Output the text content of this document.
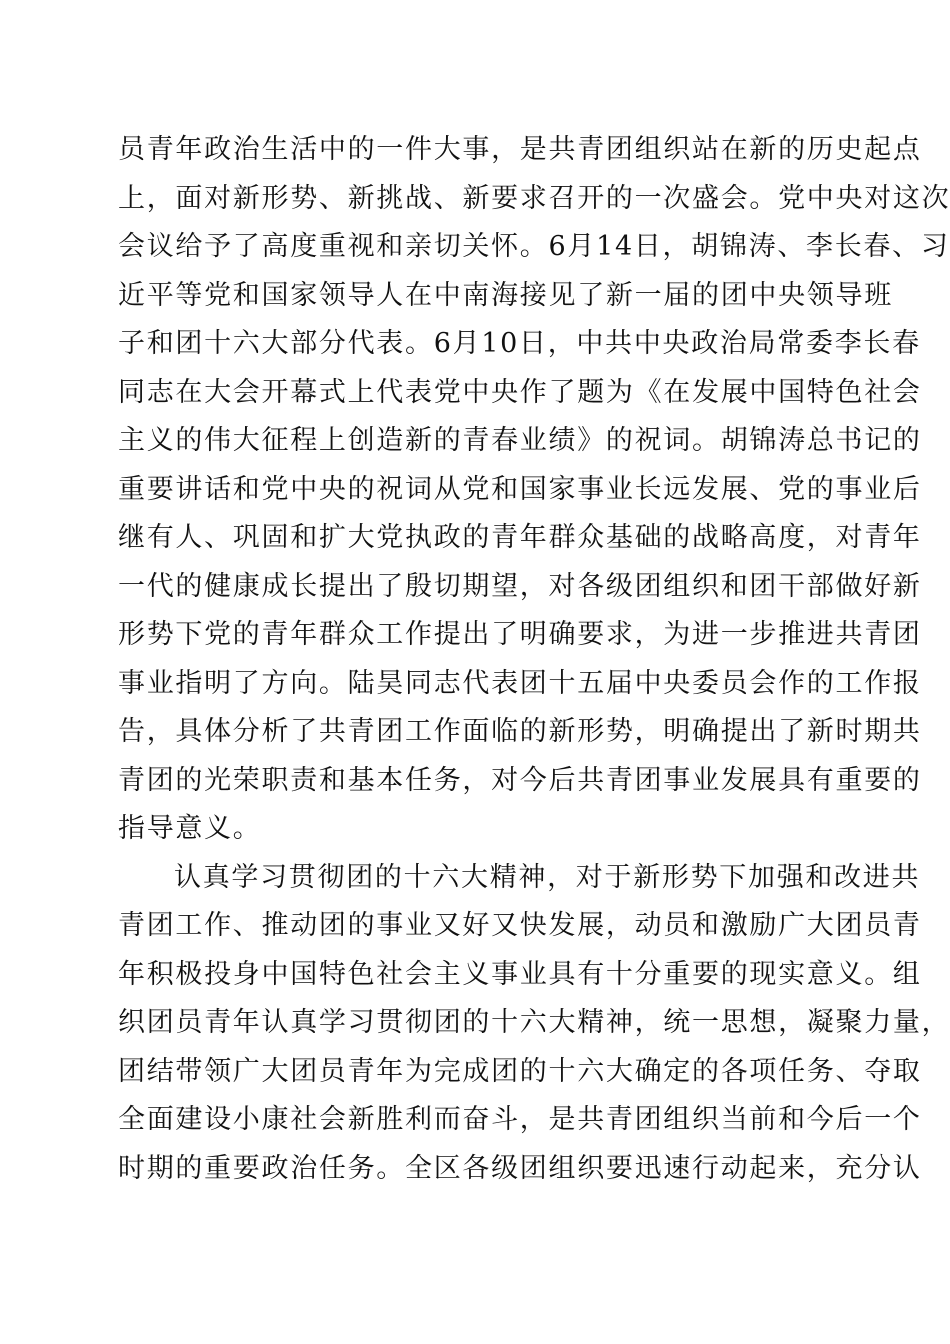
员青年政治生活中的一件大事，是共青团组织站在新的历史起点
上，面对新形势、新挑战、新要求召开的一次盛会。党中央对这次
会议给予了高度重视和亲切关怀。6月14日，胡锦涛、李长春、习
近平等党和国家领导人在中南海接见了新一届的团中央领导班
子和团十六大部分代表。6月10日，中共中央政治局常委李长春
同志在大会开幕式上代表党中央作了题为《在发展中国特色社会
主义的伟大征程上创造新的青春业绩》的祝词。胡锦涛总书记的
重要讲话和党中央的祝词从党和国家事业长远发展、党的事业后
继有人、巩固和扩大党执政的青年群众基础的战略高度，对青年
一代的健康成长提出了殷切期望，对各级团组织和团干部做好新
形势下党的青年群众工作提出了明确要求，为进一步推进共青团
事业指明了方向。陆昊同志代表团十五届中央委员会作的工作报
告，具体分析了共青团工作面临的新形势，明确提出了新时期共
青团的光荣职责和基本任务，对今后共青团事业发展具有重要的
指导意义。
认真学习贯彻团的十六大精神，对于新形势下加强和改进共
青团工作、推动团的事业又好又快发展，动员和激励广大团员青
年积极投身中国特色社会主义事业具有十分重要的现实意义。组
织团员青年认真学习贯彻团的十六大精神，统一思想，凝聚力量，
团结带领广大团员青年为完成团的十六大确定的各项任务、夺取
全面建设小康社会新胜利而奋斗，是共青团组织当前和今后一个
时期的重要政治任务。全区各级团组织要迅速行动起来，充分认
